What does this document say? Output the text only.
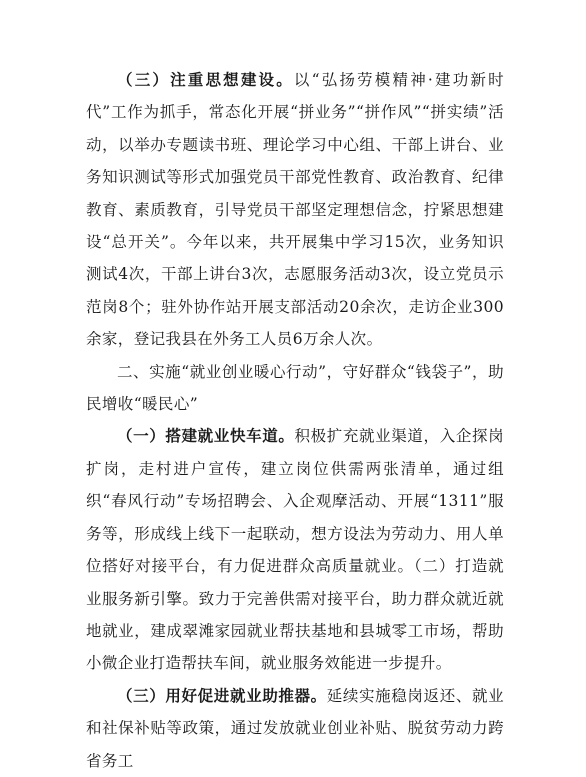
（三）注重思想建设。以“弘扬劳模精神·建功新时代”工作为抓手，常态化开展“拼业务”“拼作风”“拼实绩”活动，以举办专题读书班、理论学习中心组、干部上讲台、业务知识测试等形式加强党员干部党性教育、政治教育、纪律教育、素质教育，引导党员干部坚定理想信念，拧紧思想建设“总开关”。今年以来，共开展集中学习15次，业务知识测试4次，干部上讲台3次，志愿服务活动3次，设立党员示范岗8个；驻外协作站开展支部活动20余次，走访企业300余家，登记我县在外务工人员6万余人次。

二、实施“就业创业暖心行动”，守好群众“钱袋子”，助民增收“暖民心”

（一）搭建就业快车道。积极扩充就业渠道，入企探岗扩岗，走村进户宣传，建立岗位供需两张清单，通过组织“春风行动”专场招聘会、入企观摩活动、开展“1311”服务等，形成线上线下一起联动，想方设法为劳动力、用人单位搭好对接平台，有力促进群众高质量就业。（二）打造就业服务新引擎。致力于完善供需对接平台，助力群众就近就地就业，建成翠滩家园就业帮扶基地和县城零工市场，帮助小微企业打造帮扶车间，就业服务效能进一步提升。

（三）用好促进就业助推器。延续实施稳岗返还、就业和社保补贴等政策，通过发放就业创业补贴、脱贫劳动力跨省务工
